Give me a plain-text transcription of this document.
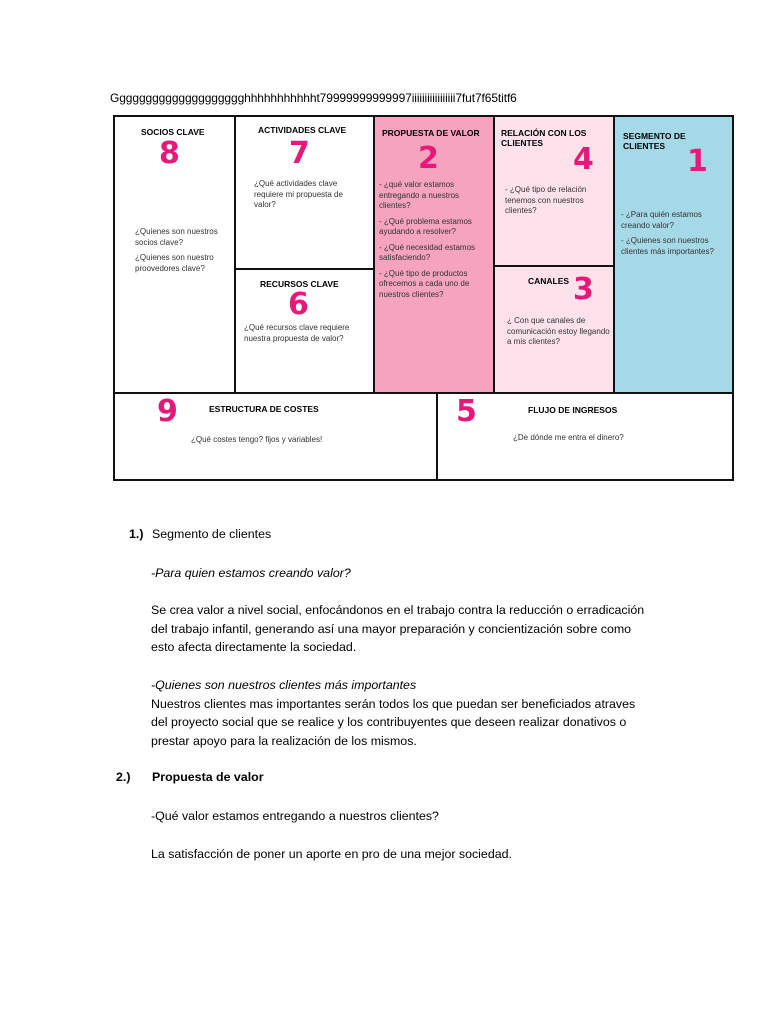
Gggggggggggggggggggghhhhhhhhhhht79999999999997iiiiiiiiiiiiiiiii7fut7f65titf6
SOCIOS CLAVE
8

¿Quienes son nuestros socios clave?

¿Quienes son nuestro proovedores clave?

ACTIVIDADES CLAVE
7
¿Qué actividades clave requiere mi propuesta de valor?
RECURSOS CLAVE
6
¿Qué recursos clave requiere nuestra propuesta de valor?
PROPUESTA DE VALOR
2

- ¿qué valor estamos entregando a nuestros clientes?

- ¿Qué problema estamos ayudando a resolver?

- ¿Qué necesidad estamos satisfaciendo?

- ¿Qué tipo de productos ofrecemos a cada uno de nuestros clientes?

RELACIÓN CON LOS CLIENTES 4
- ¿Qué tipo de relación tenemos con nuestros clientes?
CANALES 3
¿ Con que canales de comunicación estoy llegando a mis clientes?
SEGMENTO DE CLIENTES 1

- ¿Para quién estamos creando valor?

- ¿Quienes son nuestros clientes más importantes?

9	ESTRUCTURA DE COSTES
¿Qué costes tengo? fijos y variables!
5	FLUJO DE INGRESOS
¿De dónde me entra el dinero?
1.) Segmento de clientes
-Para quien estamos creando valor?
Se crea valor a nivel social, enfocándonos en el trabajo contra la reducción o erradicación
del trabajo infantil, generando así una mayor preparación y concientización sobre como
esto afecta directamente la sociedad.
-Quienes son nuestros clientes más importantes
Nuestros clientes mas importantes serán todos los que puedan ser beneficiados atraves
del proyecto social que se realice y los contribuyentes que deseen realizar donativos o
prestar apoyo para la realización de los mismos.
2.) Propuesta de valor
-Qué valor estamos entregando a nuestros clientes?
La satisfacción de poner un aporte en pro de una mejor sociedad.
